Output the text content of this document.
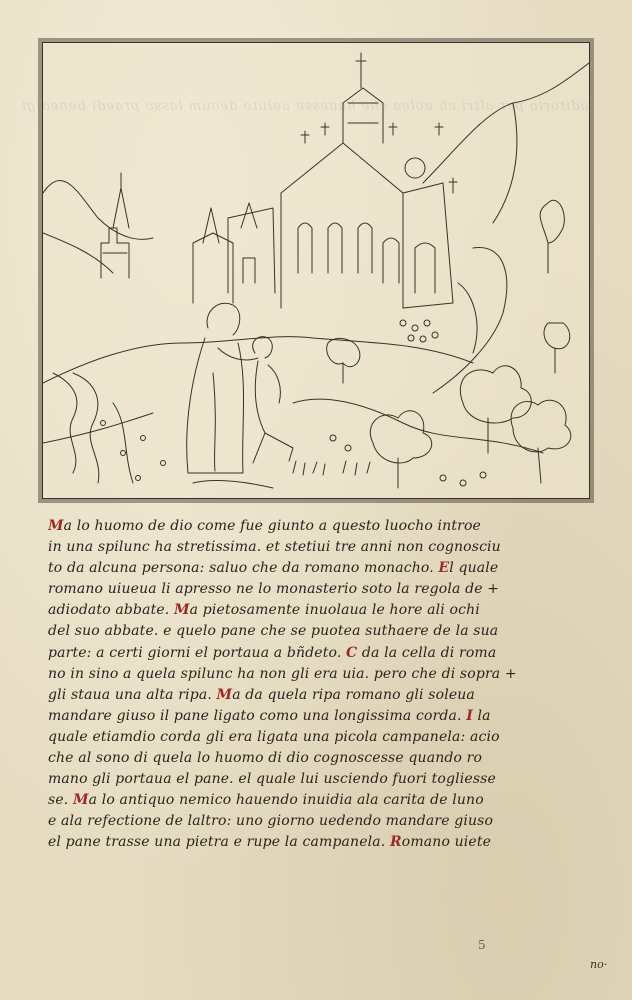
uditorio per altri ch uolea che hauesse uoluto deoum lasso praedi benedigi
Ma lo huomo de dio come fue giunto a questo luocho introe
in una spilunc ha stretissima. et stetiui tre anni non cognosciu
to da alcuna persona: saluo che da romano monacho. El quale
romano uiueua li apresso ne lo monasterio soto la regola de +
adiodato abbate. Ma pietosamente inuolaua le hore ali ochi
del suo abbate. e quelo pane che se puotea suthaere de la sua
parte: a certi giorni el portaua a bñdeto. C da la cella di roma
no in sino a quela spilunc ha non gli era uia. pero che di sopra +
gli staua una alta ripa. Ma da quela ripa romano gli soleua
mandare giuso il pane ligato como una longissima corda. I la
quale etiamdio corda gli era ligata una picola campanela: acio
che al sono di quela lo huomo di dio cognoscesse quando ro
mano gli portaua el pane. el quale lui usciendo fuori togliesse
se. Ma lo antiquo nemico hauendo inuidia ala carita de luno
e ala refectione de laltro: uno giorno uedendo mandare giuso
el pane trasse una pietra e rupe la campanela. Romano uiete
5
no·
